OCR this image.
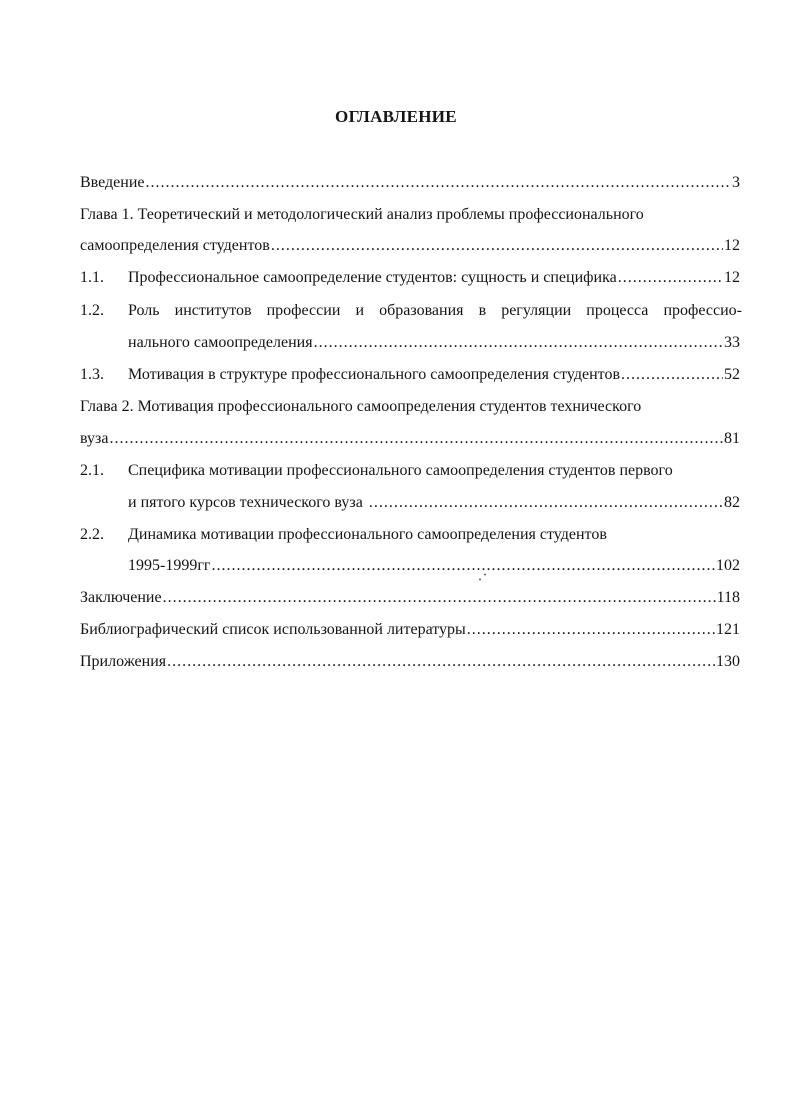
ОГЛАВЛЕНИЕ
Введение .....	3
Глава 1. Теоретический и методологический анализ проблемы профессионального
самоопределения студентов .....	12
1.1. Профессиональное самоопределение студентов: сущность и специфика .....	12
1.2. Роль институтов профессии и образования в регуляции процесса профессио-
нального самоопределения .....	33
1.3. Мотивация в структуре профессионального самоопределения студентов .....	52
Глава 2. Мотивация профессионального самоопределения студентов технического
вуза .....	81
2.1. Специфика мотивации профессионального самоопределения студентов первого
и пятого курсов технического вуза .....	82
2.2. Динамика мотивации профессионального самоопределения студентов
1995-1999гг .....	102
Заключение .....	118
Библиографический список использованной литературы .....	121
Приложения .....	130
